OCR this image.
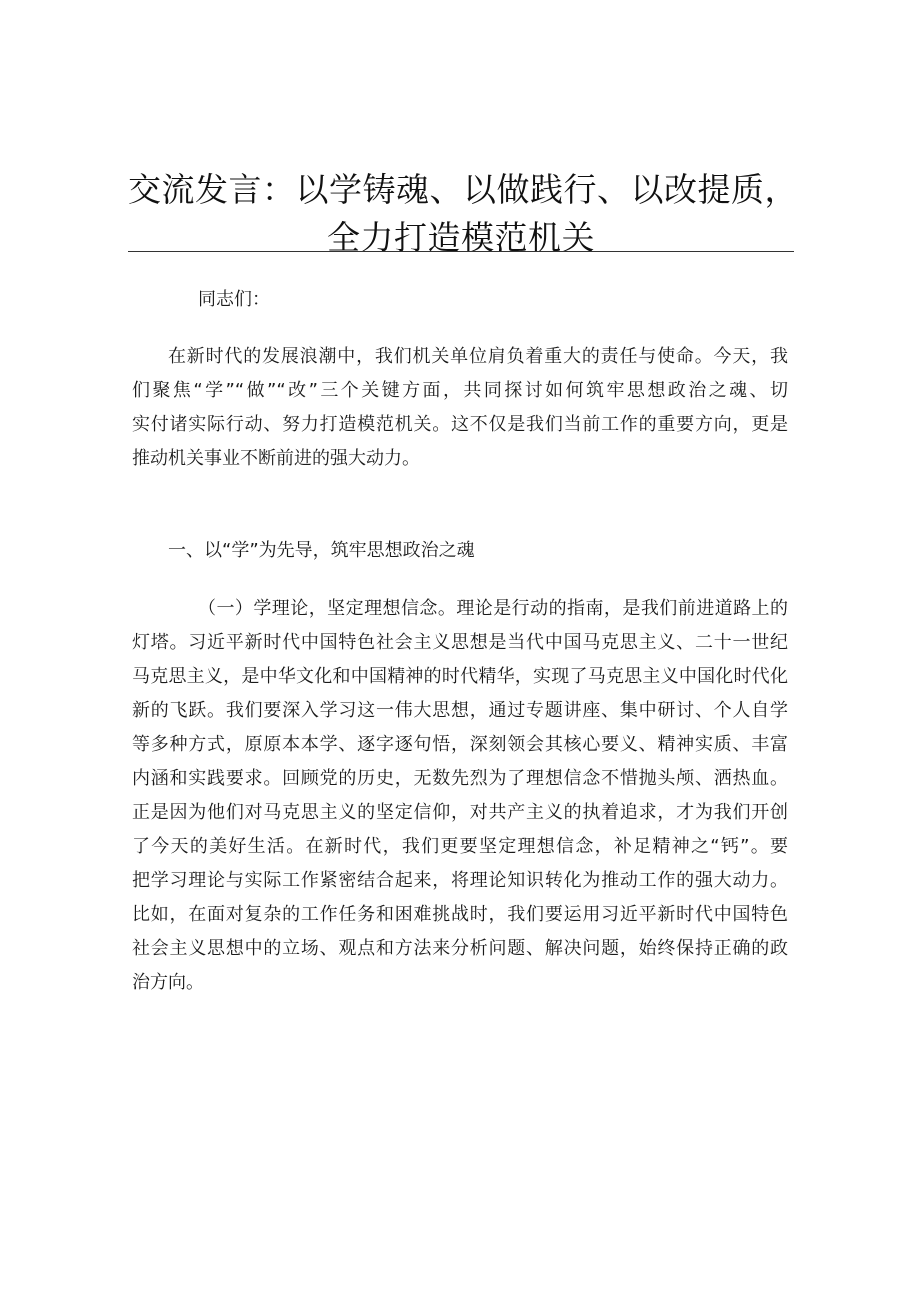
交流发言：以学铸魂、以做践行、以改提质，
全力打造模范机关
同志们：
在新时代的发展浪潮中，我们机关单位肩负着重大的责任与使命。今天，我
们聚焦“学”“做”“改”三个关键方面，共同探讨如何筑牢思想政治之魂、切
实付诸实际行动、努力打造模范机关。这不仅是我们当前工作的重要方向，更是
推动机关事业不断前进的强大动力。
一、以“学”为先导，筑牢思想政治之魂
（一）学理论，坚定理想信念。理论是行动的指南，是我们前进道路上的
灯塔。习近平新时代中国特色社会主义思想是当代中国马克思主义、二十一世纪
马克思主义，是中华文化和中国精神的时代精华，实现了马克思主义中国化时代化
新的飞跃。我们要深入学习这一伟大思想，通过专题讲座、集中研讨、个人自学
等多种方式，原原本本学、逐字逐句悟，深刻领会其核心要义、精神实质、丰富
内涵和实践要求。回顾党的历史，无数先烈为了理想信念不惜抛头颅、洒热血。
正是因为他们对马克思主义的坚定信仰，对共产主义的执着追求，才为我们开创
了今天的美好生活。在新时代，我们更要坚定理想信念，补足精神之“钙”。要
把学习理论与实际工作紧密结合起来，将理论知识转化为推动工作的强大动力。
比如，在面对复杂的工作任务和困难挑战时，我们要运用习近平新时代中国特色
社会主义思想中的立场、观点和方法来分析问题、解决问题，始终保持正确的政
治方向。
